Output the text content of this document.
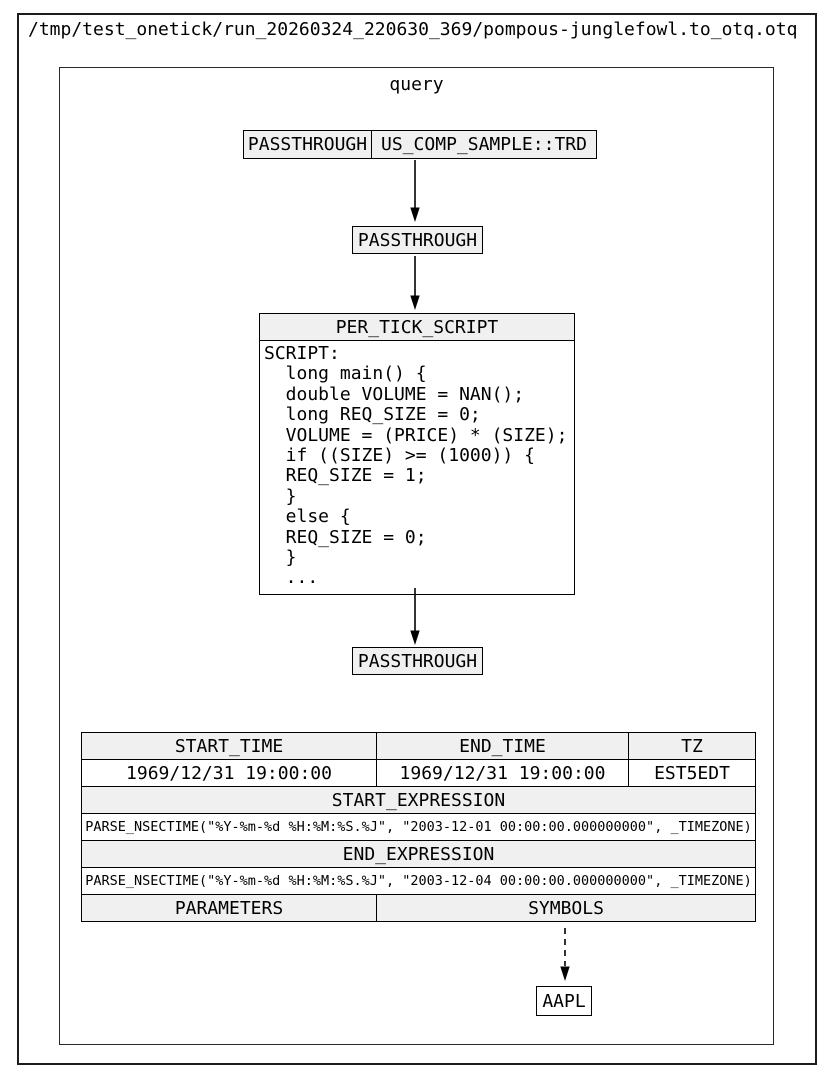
/tmp/test_onetick/run_20260324_220630_369/pompous-junglefowl.to_otq.otq
query
PASSTHROUGH US_COMP_SAMPLE::TRD
PASSTHROUGH
PER_TICK_SCRIPT
SCRIPT:
long main() {
double VOLUME = NAN();
long REQ_SIZE = 0;
VOLUME = (PRICE) * (SIZE);
if ((SIZE) >= (1000)) {
REQ_SIZE = 1;
}
else {
REQ_SIZE = 0;
}
...
PASSTHROUGH
START_TIME	END_TIME	TZ
1969/12/31 19:00:00	1969/12/31 19:00:00	EST5EDT
START_EXPRESSION		
PARSE_NSECTIME("%Y-%m-%d %H:%M:%S.%J", "2003-12-01 00:00:00.000000000", _TIMEZONE)		
END_EXPRESSION		
PARSE_NSECTIME("%Y-%m-%d %H:%M:%S.%J", "2003-12-04 00:00:00.000000000", _TIMEZONE)		
PARAMETERS	SYMBOLS	
AAPL
